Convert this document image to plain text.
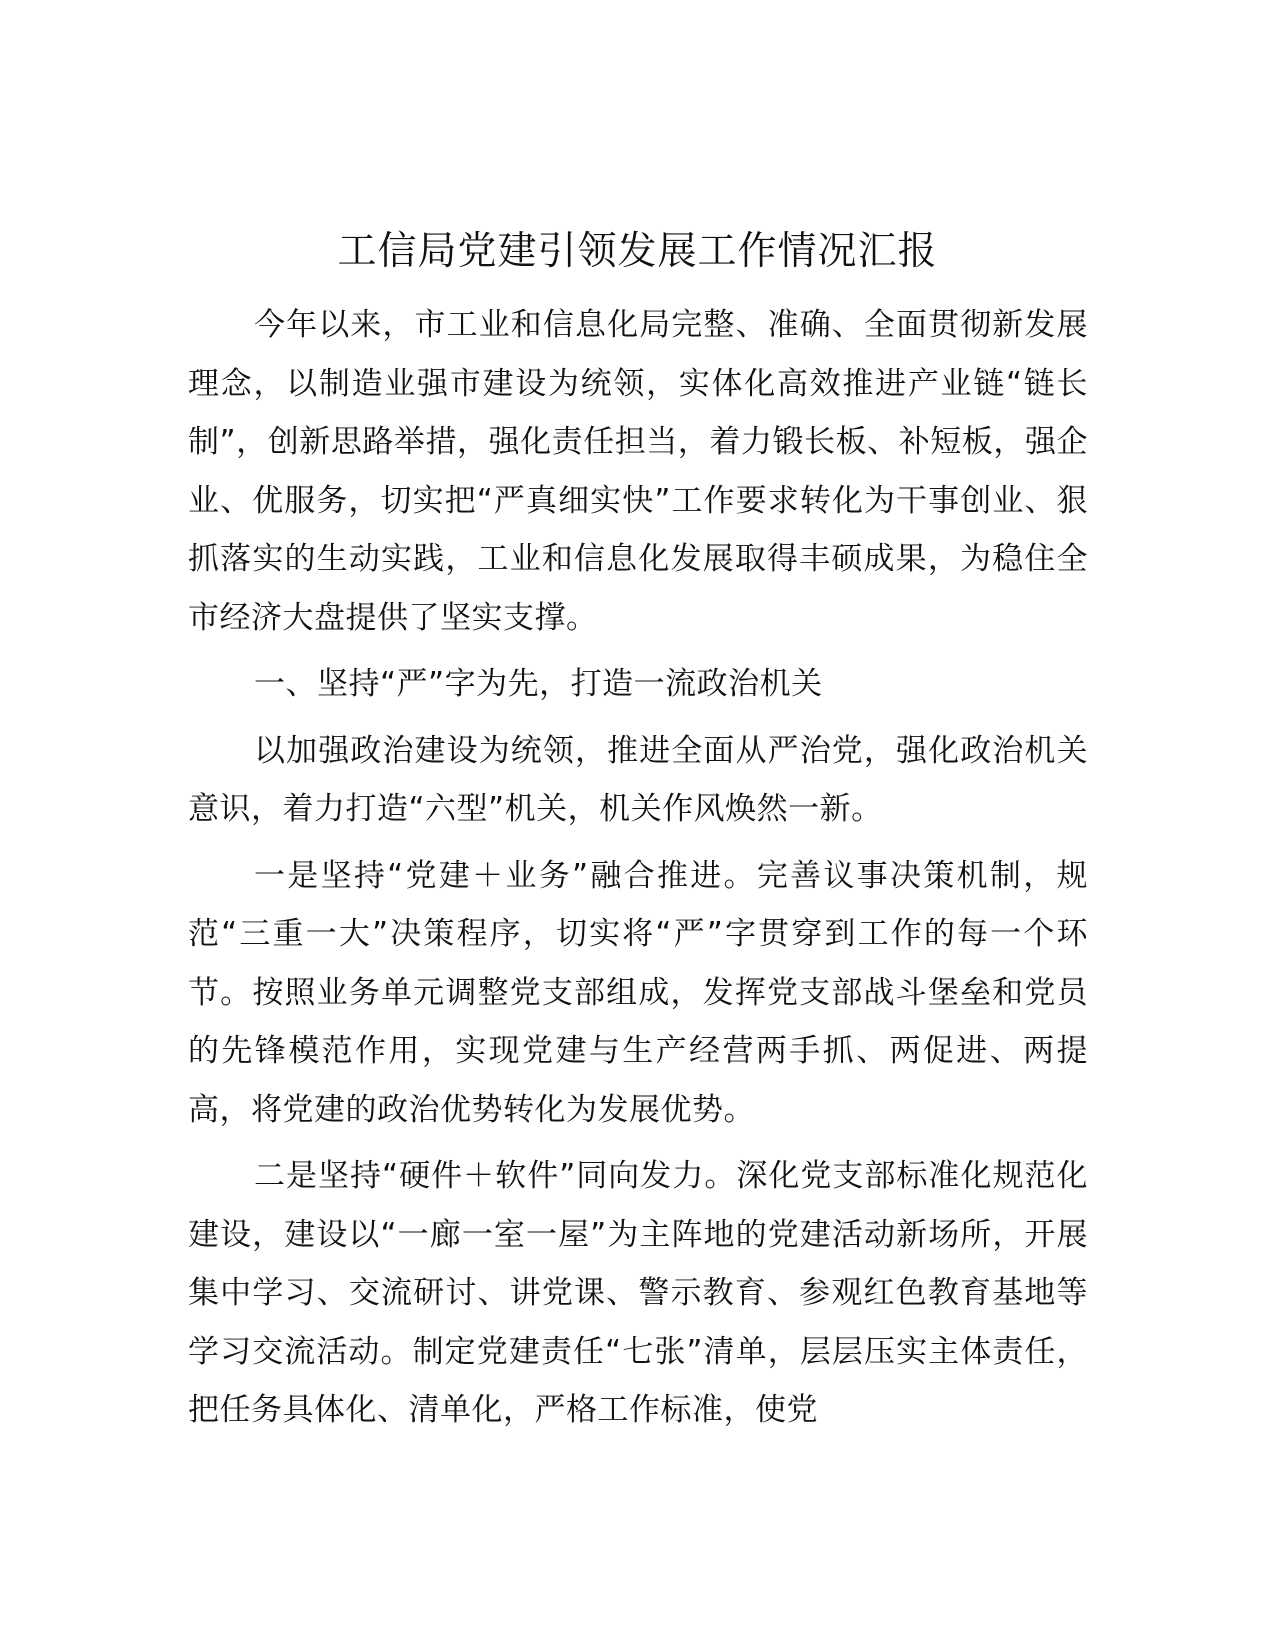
工信局党建引领发展工作情况汇报

今年以来，市工业和信息化局完整、准确、全面贯彻新发展理念，以制造业强市建设为统领，实体化高效推进产业链“链长制”，创新思路举措，强化责任担当，着力锻长板、补短板，强企业、优服务，切实把“严真细实快”工作要求转化为干事创业、狠抓落实的生动实践，工业和信息化发展取得丰硕成果，为稳住全市经济大盘提供了坚实支撑。

一、坚持“严”字为先，打造一流政治机关

以加强政治建设为统领，推进全面从严治党，强化政治机关意识，着力打造“六型”机关，机关作风焕然一新。

一是坚持“党建＋业务”融合推进。完善议事决策机制，规范“三重一大”决策程序，切实将“严”字贯穿到工作的每一个环节。按照业务单元调整党支部组成，发挥党支部战斗堡垒和党员的先锋模范作用，实现党建与生产经营两手抓、两促进、两提高，将党建的政治优势转化为发展优势。

二是坚持“硬件＋软件”同向发力。深化党支部标准化规范化建设，建设以“一廊一室一屋”为主阵地的党建活动新场所，开展集中学习、交流研讨、讲党课、警示教育、参观红色教育基地等学习交流活动。制定党建责任“七张”清单，层层压实主体责任，把任务具体化、清单化，严格工作标准，使党
